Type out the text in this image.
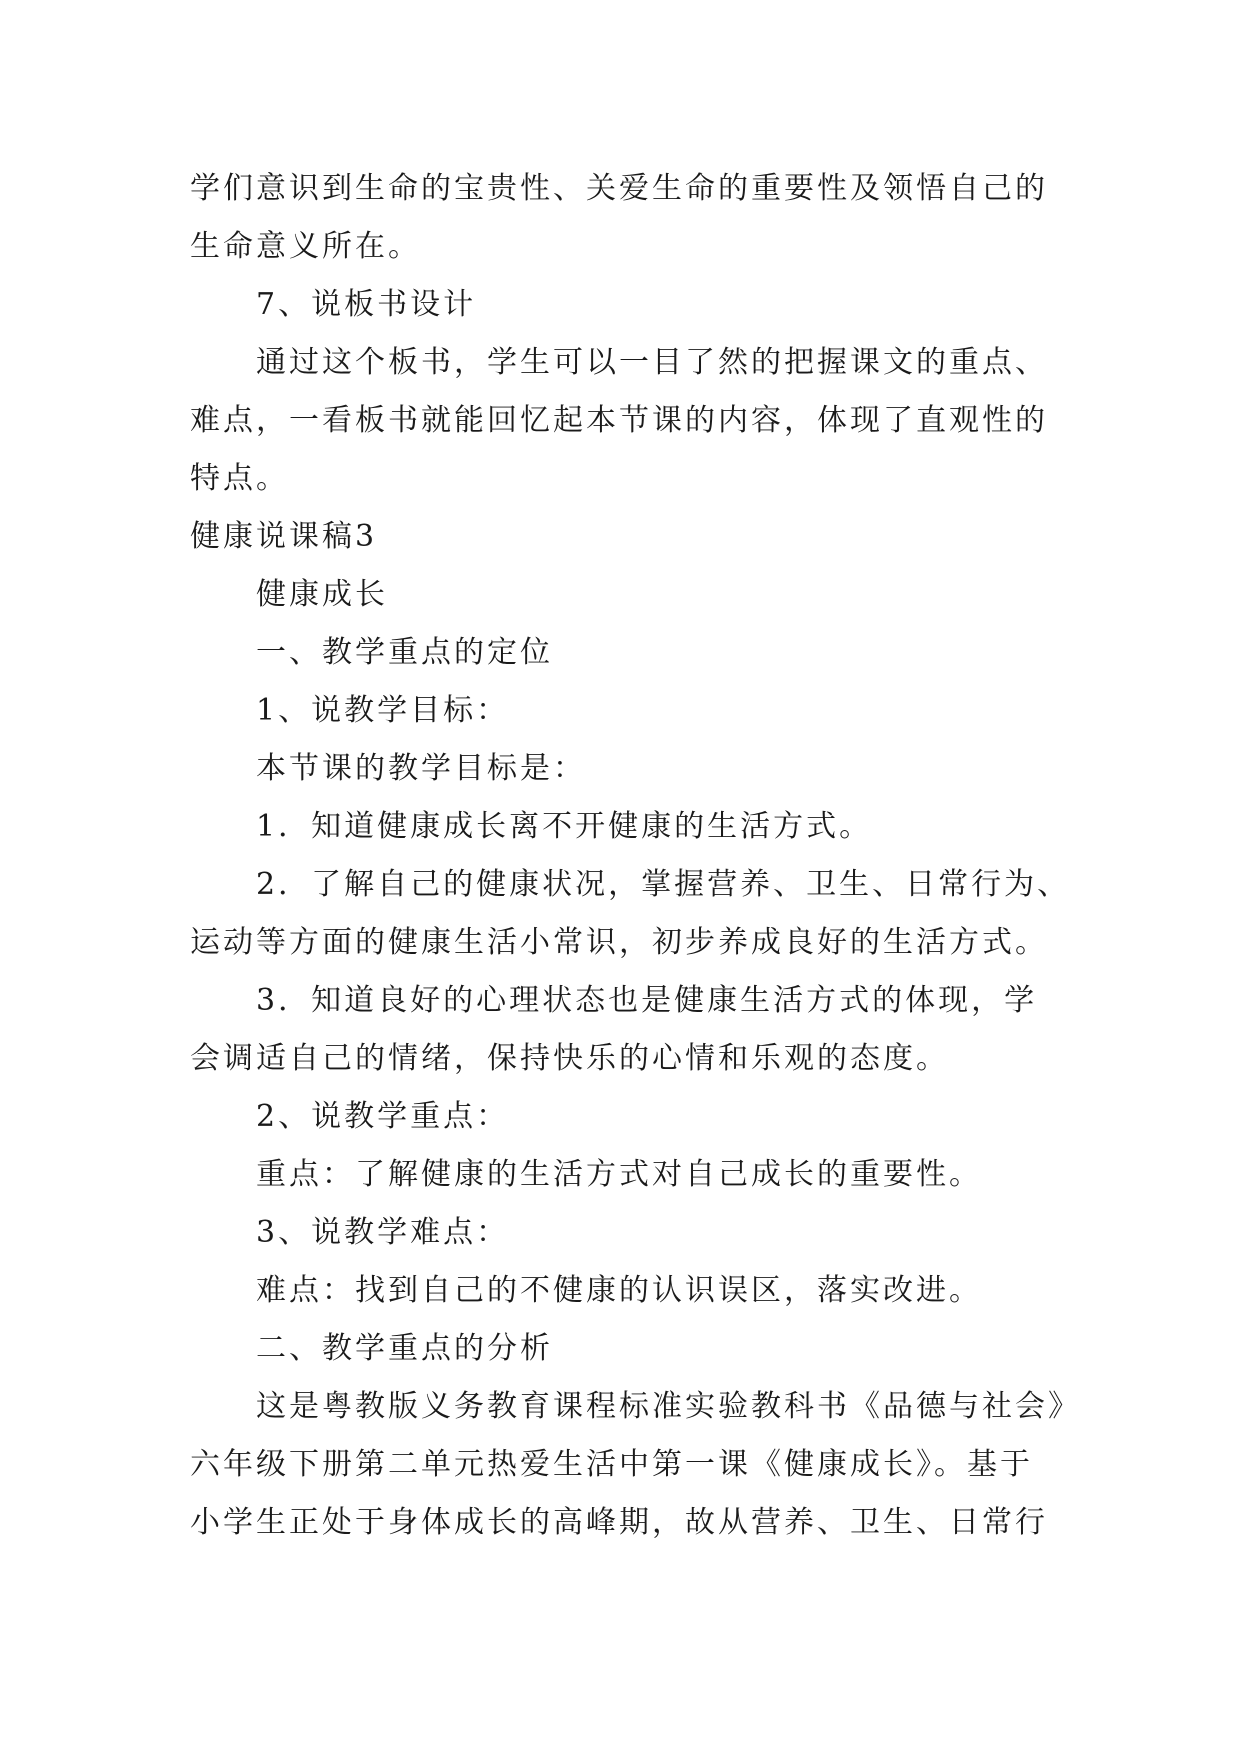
学们意识到生命的宝贵性、关爱生命的重要性及领悟自己的
生命意义所在。
7、说板书设计
通过这个板书，学生可以一目了然的把握课文的重点、
难点，一看板书就能回忆起本节课的内容，体现了直观性的
特点。
健康说课稿3
健康成长
一、教学重点的定位
1、说教学目标：
本节课的教学目标是：
1．知道健康成长离不开健康的生活方式。
2．了解自己的健康状况，掌握营养、卫生、日常行为、
运动等方面的健康生活小常识，初步养成良好的生活方式。
3．知道良好的心理状态也是健康生活方式的体现，学
会调适自己的情绪，保持快乐的心情和乐观的态度。
2、说教学重点：
重点：了解健康的生活方式对自己成长的重要性。
3、说教学难点：
难点：找到自己的不健康的认识误区，落实改进。
二、教学重点的分析
这是粤教版义务教育课程标准实验教科书《品德与社会》
六年级下册第二单元热爱生活中第一课《健康成长》。基于
小学生正处于身体成长的高峰期，故从营养、卫生、日常行
